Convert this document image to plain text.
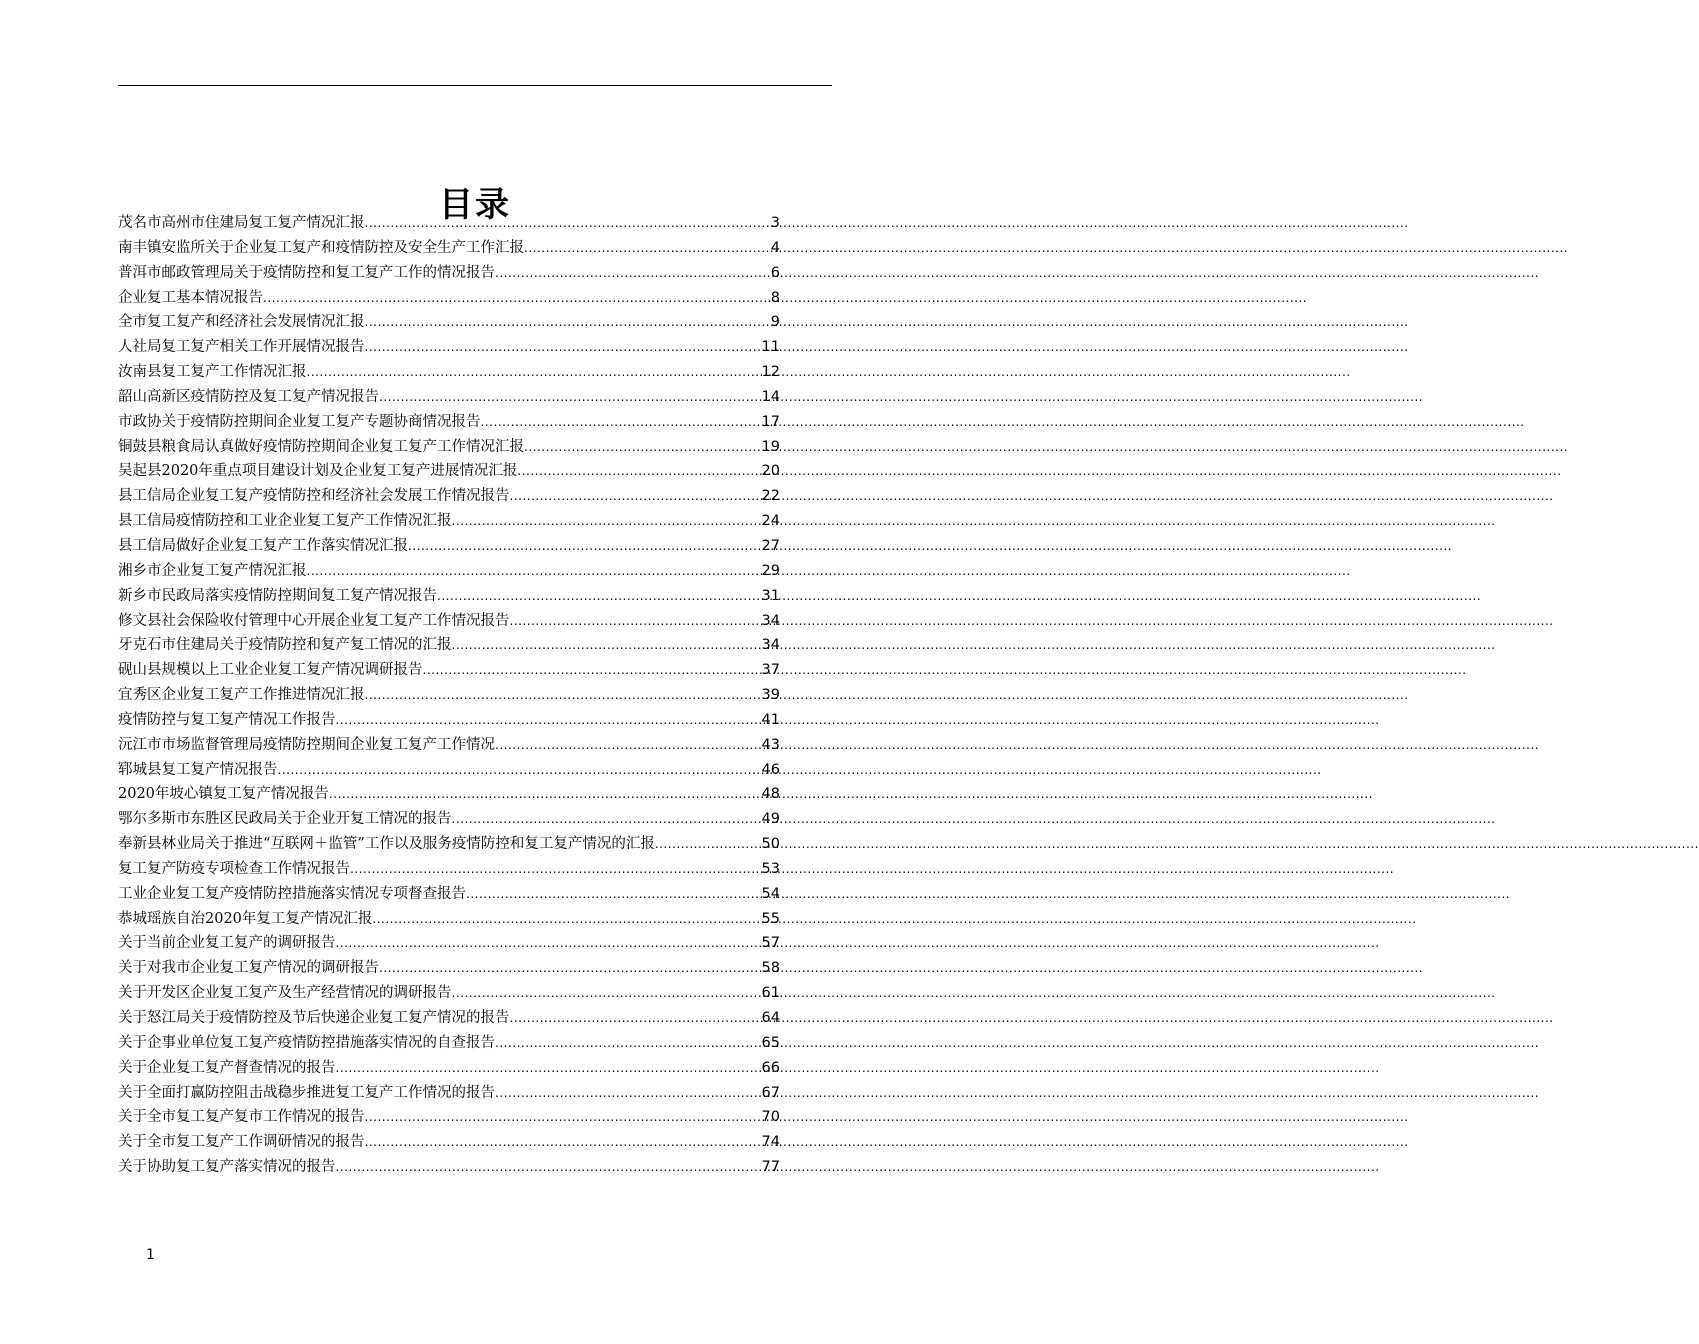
目录
茂名市高州市住建局复工复产情况汇报 .....	3
南丰镇安监所关于企业复工复产和疫情防控及安全生产工作汇报 .....	4
普洱市邮政管理局关于疫情防控和复工复产工作的情况报告 .....	6
企业复工基本情况报告 .....	8
全市复工复产和经济社会发展情况汇报 .....	9
人社局复工复产相关工作开展情况报告 .....	11
汝南县复工复产工作情况汇报 .....	12
韶山高新区疫情防控及复工复产情况报告 .....	14
市政协关于疫情防控期间企业复工复产专题协商情况报告 .....	17
铜鼓县粮食局认真做好疫情防控期间企业复工复产工作情况汇报 .....	19
吴起县2020年重点项目建设计划及企业复工复产进展情况汇报 .....	20
县工信局企业复工复产疫情防控和经济社会发展工作情况报告 .....	22
县工信局疫情防控和工业企业复工复产工作情况汇报 .....	24
县工信局做好企业复工复产工作落实情况汇报 .....	27
湘乡市企业复工复产情况汇报 .....	29
新乡市民政局落实疫情防控期间复工复产情况报告 .....	31
修文县社会保险收付管理中心开展企业复工复产工作情况报告 .....	34
牙克石市住建局关于疫情防控和复产复工情况的汇报 .....	34
砚山县规模以上工业企业复工复产情况调研报告 .....	37
宜秀区企业复工复产工作推进情况汇报 .....	39
疫情防控与复工复产情况工作报告 .....	41
沅江市市场监督管理局疫情防控期间企业复工复产工作情况 .....	43
郓城县复工复产情况报告 .....	46
2020年坡心镇复工复产情况报告 .....	48
鄂尔多斯市东胜区民政局关于企业开复工情况的报告 .....	49
奉新县林业局关于推进“互联网＋监管”工作以及服务疫情防控和复工复产情况的汇报 .....	50
复工复产防疫专项检查工作情况报告 .....	53
工业企业复工复产疫情防控措施落实情况专项督查报告 .....	54
恭城瑶族自治2020年复工复产情况汇报 .....	55
关于当前企业复工复产的调研报告 .....	57
关于对我市企业复工复产情况的调研报告 .....	58
关于开发区企业复工复产及生产经营情况的调研报告 .....	61
关于怒江局关于疫情防控及节后快递企业复工复产情况的报告 .....	64
关于企事业单位复工复产疫情防控措施落实情况的自查报告 .....	65
关于企业复工复产督查情况的报告 .....	66
关于全面打赢防控阻击战稳步推进复工复产工作情况的报告 .....	67
关于全市复工复产复市工作情况的报告 .....	70
关于全市复工复产工作调研情况的报告 .....	74
关于协助复工复产落实情况的报告 .....	77
1
